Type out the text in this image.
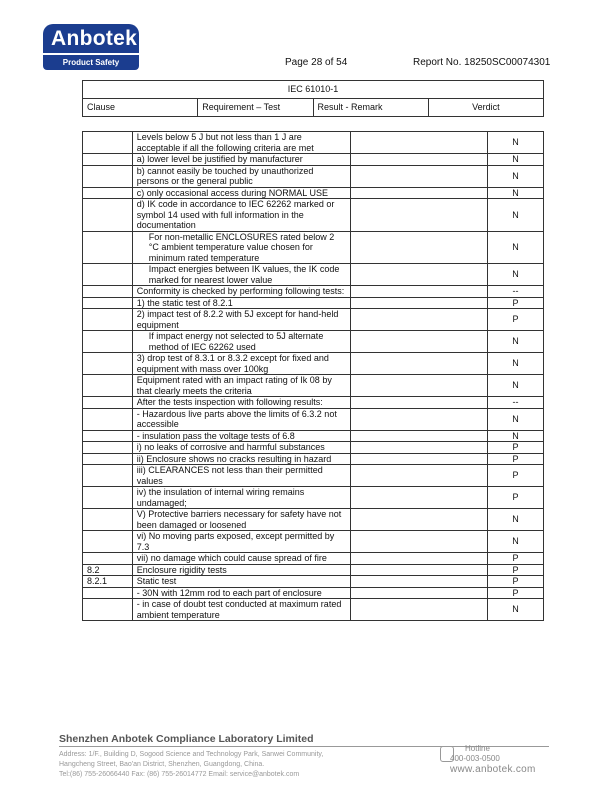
Anbotek
Product Safety	Page 28 of 54	Report No. 18250SC00074301
IEC 61010-1
Clause	Requirement – Test	Result - Remark	Verdict
	Levels below 5 J but not less than 1 J are acceptable if all the following criteria are met		N
	a) lower level be justified by manufacturer		N
	b) cannot easily be touched by unauthorized persons or the general public		N
	c) only occasional access during NORMAL USE		N
	d) IK code in accordance to IEC 62262 marked or symbol 14 used with full information in the documentation		N
	For non-metallic ENCLOSURES rated below 2 °C ambient temperature value chosen for minimum rated temperature		N
	Impact energies between IK values, the IK code marked for nearest lower value		N
	Conformity is checked by performing following tests:		--
	1) the static test of 8.2.1		P
	2) impact test of 8.2.2 with 5J except for hand-held equipment		P
	If impact energy not selected to 5J alternate method of IEC 62262 used		N
	3) drop test of 8.3.1 or 8.3.2 except for fixed and equipment with mass over 100kg		N
	Equipment rated with an impact rating of Ik 08 by that clearly meets the criteria		N
	After the tests inspection with following results:		--
	- Hazardous live parts above the limits of 6.3.2 not accessible		N
	- insulation pass the voltage tests of 6.8		N
	i) no leaks of corrosive and harmful substances		P
	ii) Enclosure shows no cracks resulting in hazard		P
	iii) CLEARANCES not less than their permitted values		P
	iv) the insulation of internal wiring remains undamaged;		P
	V) Protective barriers necessary for safety have not been damaged or loosened		N
	vi) No moving parts exposed, except permitted by 7.3		N
	vii) no damage which could cause spread of fire		P
8.2	Enclosure rigidity tests		P
8.2.1	Static test		P
	- 30N with 12mm rod to each part of enclosure		P
	- in case of doubt test conducted at maximum rated ambient temperature		N
Shenzhen Anbotek Compliance Laboratory Limited
Address: 1/F., Building D, Sogood Science and Technology Park, Sanwei Community,
Hangcheng Street, Bao'an District, Shenzhen, Guangdong, China.
Tel:(86) 755-26066440 Fax: (86) 755-26014772 Email: service@anbotek.com
Hotline
400-003-0500
www.anbotek.com
